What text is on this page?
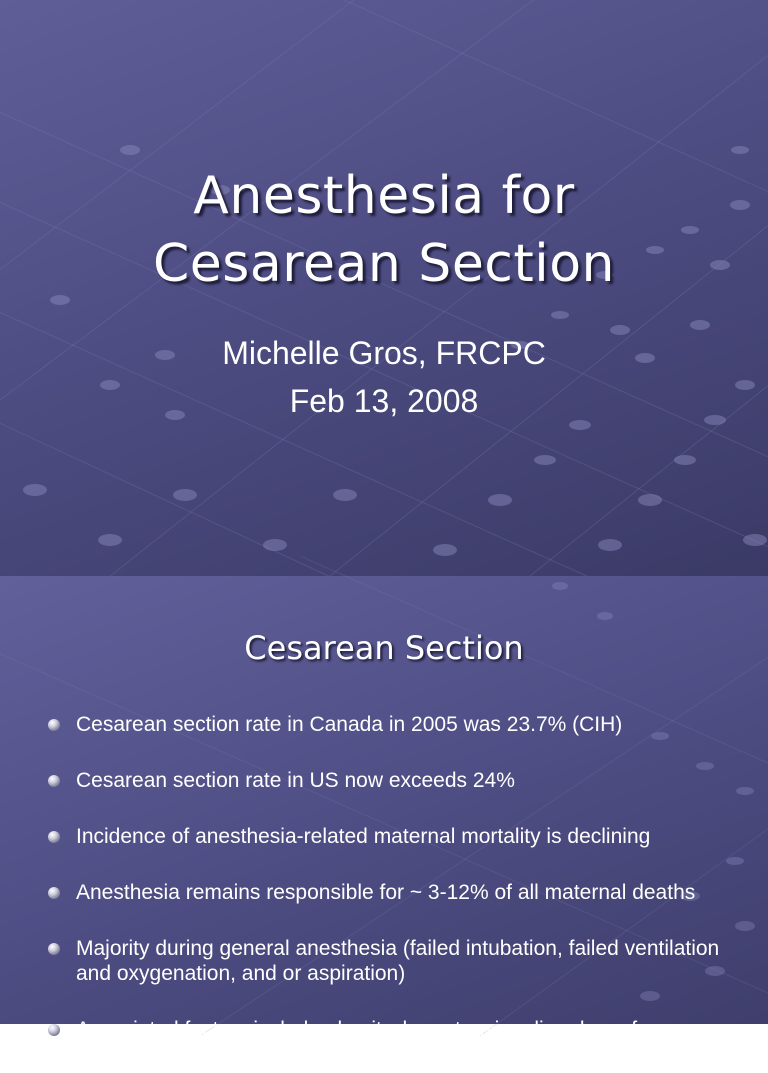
Anesthesia for
Cesarean Section
Michelle Gros, FRCPC
Feb 13, 2008
Cesarean Section
Cesarean section rate in Canada in 2005 was 23.7% (CIH)
Cesarean section rate in US now exceeds 24%
Incidence of anesthesia-related maternal mortality is declining
Anesthesia remains responsible for ~ 3-12% of all maternal deaths
Majority during general anesthesia (failed intubation, failed ventilation and oxygenation, and or aspiration)
Associated factors include obesity, hypertensive disorders of
